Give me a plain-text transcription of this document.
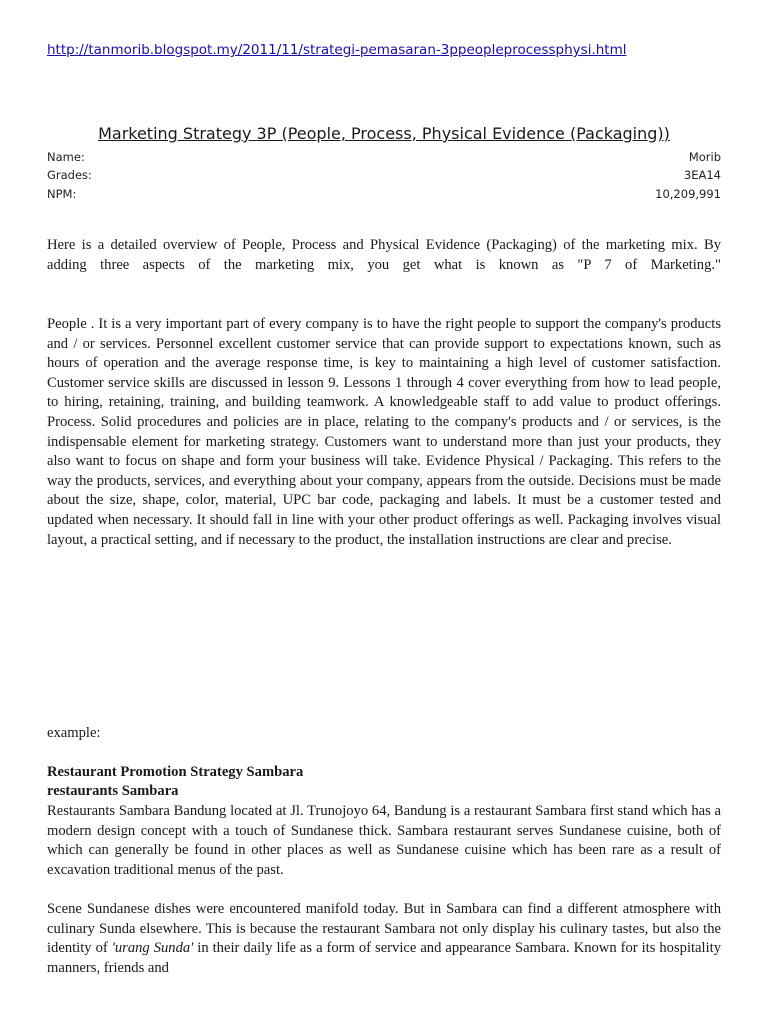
http://tanmorib.blogspot.my/2011/11/strategi-pemasaran-3ppeopleprocessphysi.html
Marketing Strategy 3P (People, Process, Physical Evidence (Packaging))
Name:	Morib
Grades:	3EA14
NPM:	10,209,991
Here is a detailed overview of People, Process and Physical Evidence (Packaging) of the marketing mix. By adding three aspects of the marketing mix, you get what is known as "P 7 of Marketing."
People . It is a very important part of every company is to have the right people to support the company's products and / or services. Personnel excellent customer service that can provide support to expectations known, such as hours of operation and the average response time, is key to maintaining a high level of customer satisfaction. Customer service skills are discussed in lesson 9. Lessons 1 through 4 cover everything from how to lead people, to hiring, retaining, training, and building teamwork. A knowledgeable staff to add value to product offerings. Process. Solid procedures and policies are in place, relating to the company's products and / or services, is the indispensable element for marketing strategy. Customers want to understand more than just your products, they also want to focus on shape and form your business will take. Evidence Physical / Packaging. This refers to the way the products, services, and everything about your company, appears from the outside. Decisions must be made about the size, shape, color, material, UPC bar code, packaging and labels. It must be a customer tested and updated when necessary. It should fall in line with your other product offerings as well. Packaging involves visual layout, a practical setting, and if necessary to the product, the installation instructions are clear and precise.
example:
Restaurant Promotion Strategy Sambara
restaurants Sambara
Restaurants Sambara Bandung located at Jl. Trunojoyo 64, Bandung is a restaurant Sambara first stand which has a modern design concept with a touch of Sundanese thick. Sambara restaurant serves Sundanese cuisine, both of which can generally be found in other places as well as Sundanese cuisine which has been rare as a result of excavation traditional menus of the past.
Scene Sundanese dishes were encountered manifold today. But in Sambara can find a different atmosphere with culinary Sunda elsewhere. This is because the restaurant Sambara not only display his culinary tastes, but also the identity of 'urang Sunda' in their daily life as a form of service and appearance Sambara. Known for its hospitality manners, friends and
